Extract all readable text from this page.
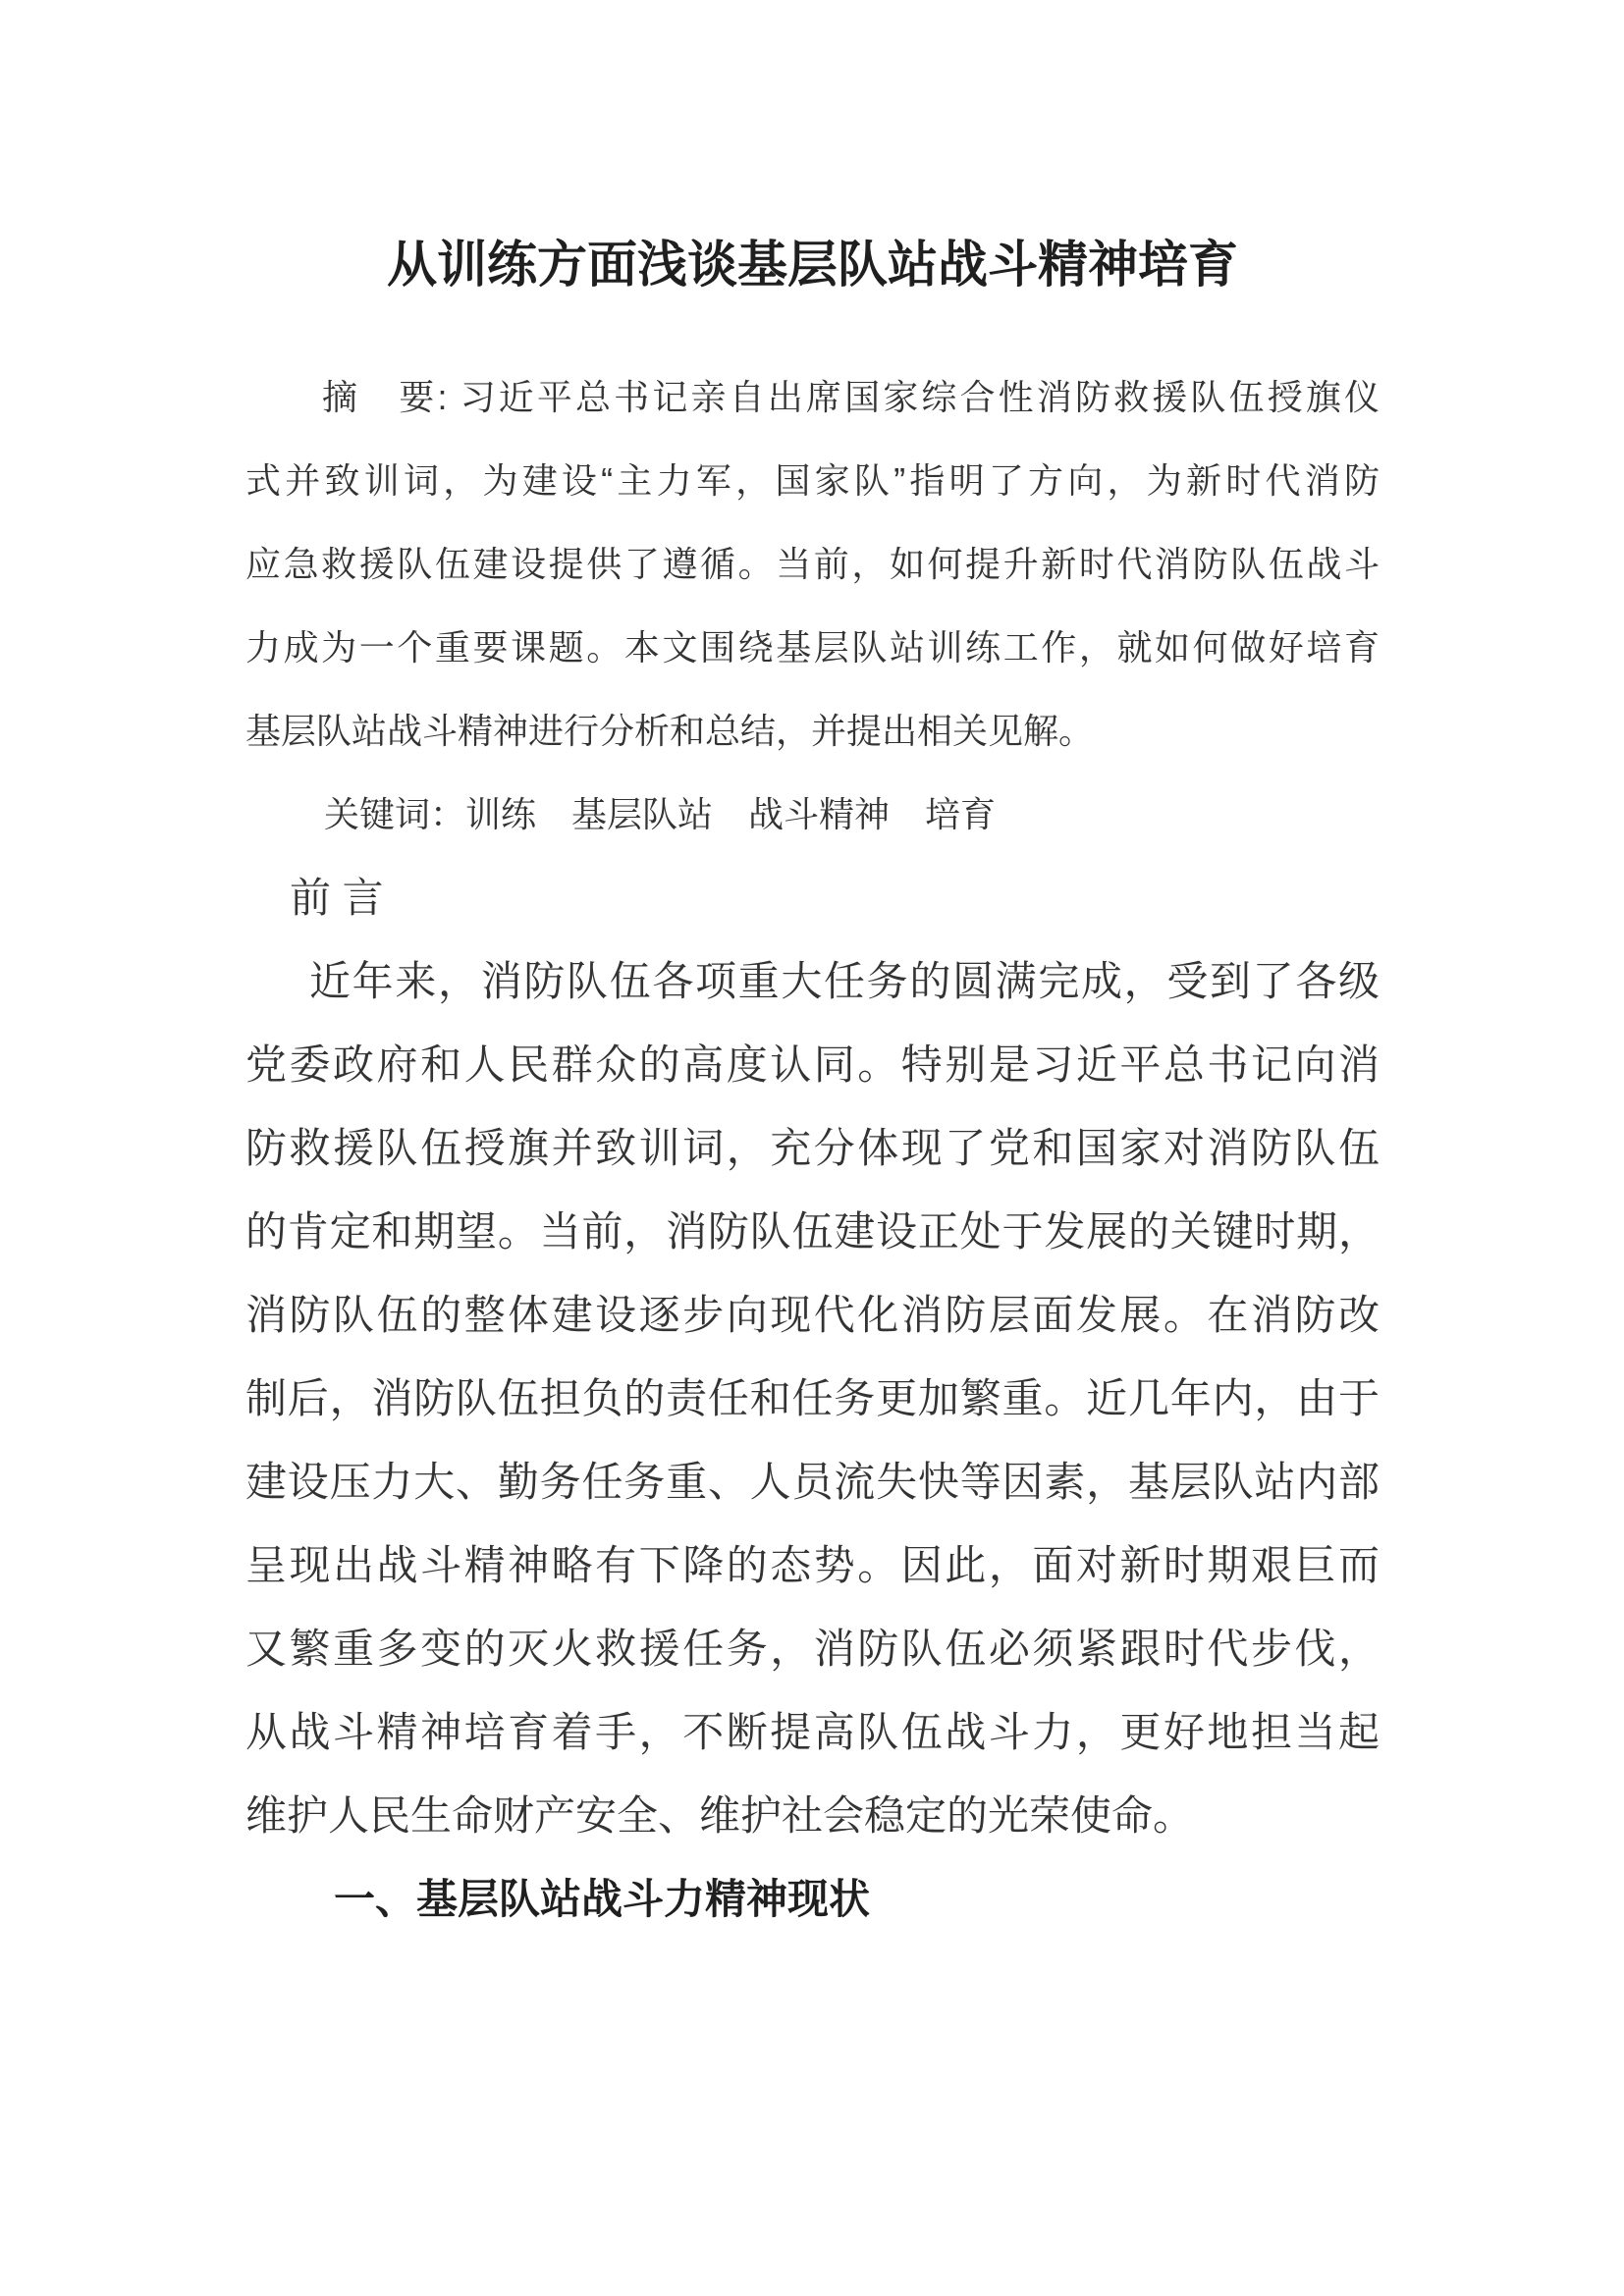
从训练方面浅谈基层队站战斗精神培育
摘　要: 习近平总书记亲自出席国家综合性消防救援队伍授旗仪
式并致训词，为建设“主力军，国家队”指明了方向，为新时代消防
应急救援队伍建设提供了遵循。当前，如何提升新时代消防队伍战斗
力成为一个重要课题。本文围绕基层队站训练工作，就如何做好培育
基层队站战斗精神进行分析和总结，并提出相关见解。
关键词：训练　基层队站　战斗精神　培育
前 言
近年来，消防队伍各项重大任务的圆满完成，受到了各级
党委政府和人民群众的高度认同。特别是习近平总书记向消
防救援队伍授旗并致训词，充分体现了党和国家对消防队伍
的肯定和期望。当前，消防队伍建设正处于发展的关键时期，
消防队伍的整体建设逐步向现代化消防层面发展。在消防改
制后，消防队伍担负的责任和任务更加繁重。近几年内，由于
建设压力大、勤务任务重、人员流失快等因素，基层队站内部
呈现出战斗精神略有下降的态势。因此，面对新时期艰巨而
又繁重多变的灭火救援任务，消防队伍必须紧跟时代步伐，
从战斗精神培育着手，不断提高队伍战斗力，更好地担当起
维护人民生命财产安全、维护社会稳定的光荣使命。
一、基层队站战斗力精神现状
